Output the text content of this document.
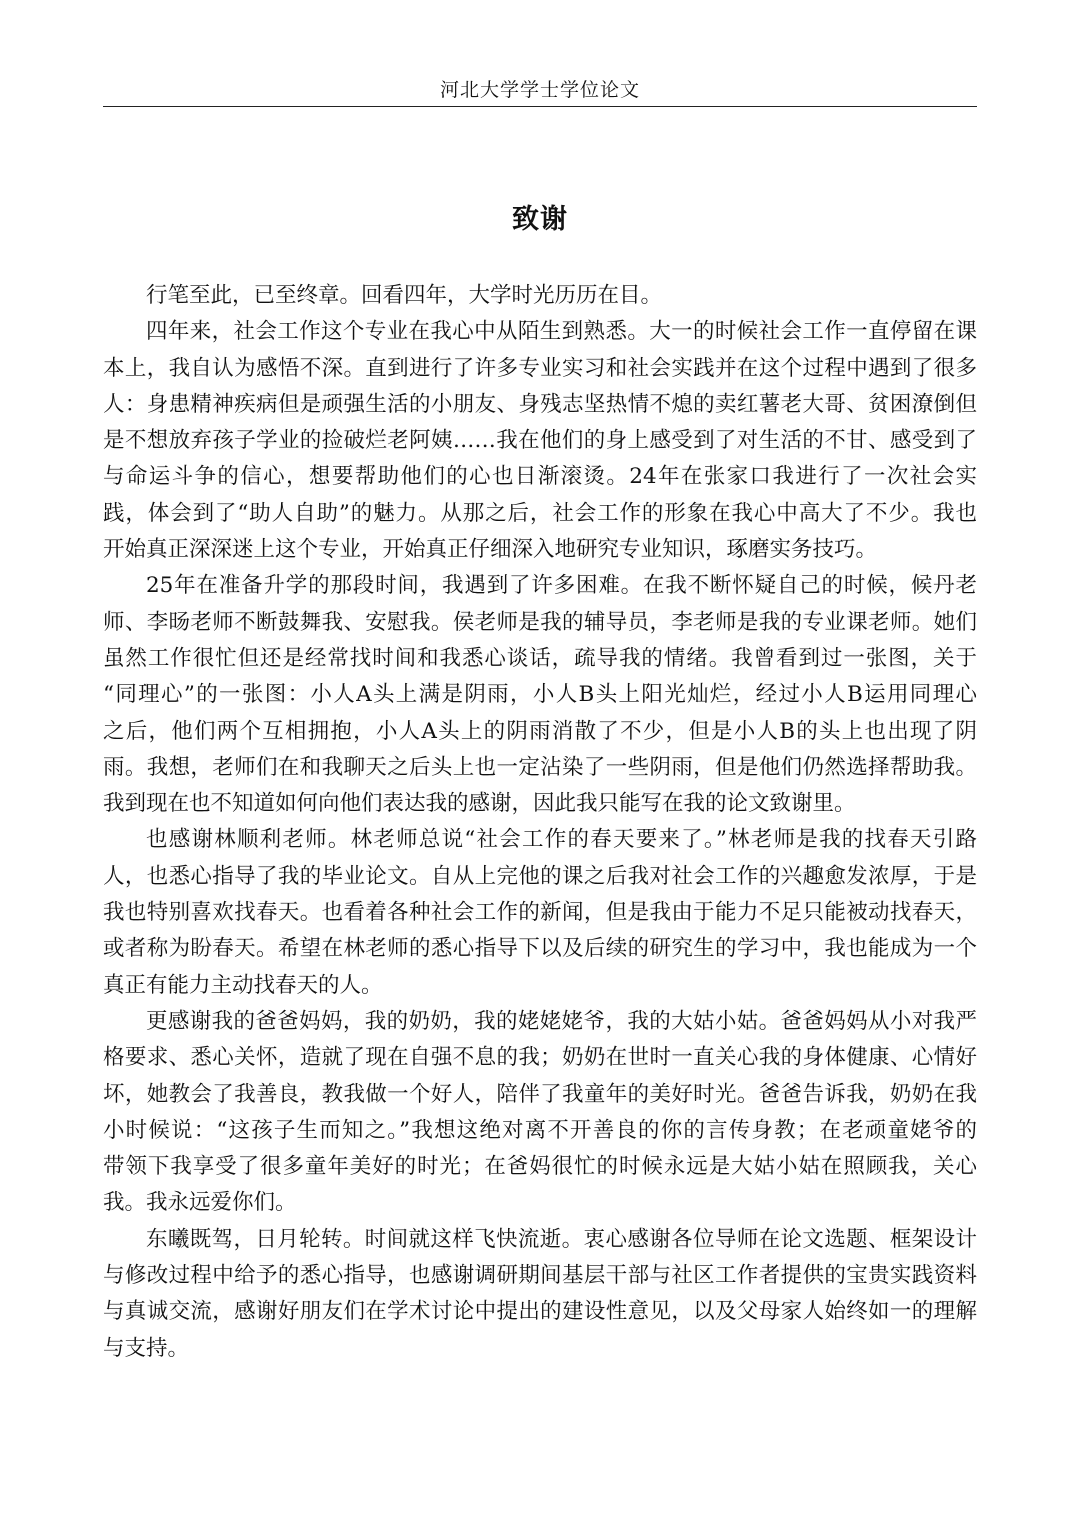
河北大学学士学位论文
致谢

行笔至此，已至终章。回看四年，大学时光历历在目。

四年来，社会工作这个专业在我心中从陌生到熟悉。大一的时候社会工作一直停留在课
本上，我自认为感悟不深。直到进行了许多专业实习和社会实践并在这个过程中遇到了很多
人：身患精神疾病但是顽强生活的小朋友、身残志坚热情不熄的卖红薯老大哥、贫困潦倒但
是不想放弃孩子学业的捡破烂老阿姨……我在他们的身上感受到了对生活的不甘、感受到了
与命运斗争的信心，想要帮助他们的心也日渐滚烫。24年在张家口我进行了一次社会实
践，体会到了“助人自助”的魅力。从那之后，社会工作的形象在我心中高大了不少。我也
开始真正深深迷上这个专业，开始真正仔细深入地研究专业知识，琢磨实务技巧。

25年在准备升学的那段时间，我遇到了许多困难。在我不断怀疑自己的时候，候丹老
师、李旸老师不断鼓舞我、安慰我。侯老师是我的辅导员，李老师是我的专业课老师。她们
虽然工作很忙但还是经常找时间和我悉心谈话，疏导我的情绪。我曾看到过一张图，关于
“同理心”的一张图：小人A头上满是阴雨，小人B头上阳光灿烂，经过小人B运用同理心
之后，他们两个互相拥抱，小人A头上的阴雨消散了不少，但是小人B的头上也出现了阴
雨。我想，老师们在和我聊天之后头上也一定沾染了一些阴雨，但是他们仍然选择帮助我。
我到现在也不知道如何向他们表达我的感谢，因此我只能写在我的论文致谢里。

也感谢林顺利老师。林老师总说“社会工作的春天要来了。”林老师是我的找春天引路
人，也悉心指导了我的毕业论文。自从上完他的课之后我对社会工作的兴趣愈发浓厚，于是
我也特别喜欢找春天。也看着各种社会工作的新闻，但是我由于能力不足只能被动找春天，
或者称为盼春天。希望在林老师的悉心指导下以及后续的研究生的学习中，我也能成为一个
真正有能力主动找春天的人。

更感谢我的爸爸妈妈，我的奶奶，我的姥姥姥爷，我的大姑小姑。爸爸妈妈从小对我严
格要求、悉心关怀，造就了现在自强不息的我；奶奶在世时一直关心我的身体健康、心情好
坏，她教会了我善良，教我做一个好人，陪伴了我童年的美好时光。爸爸告诉我，奶奶在我
小时候说：“这孩子生而知之。”我想这绝对离不开善良的你的言传身教；在老顽童姥爷的
带领下我享受了很多童年美好的时光；在爸妈很忙的时候永远是大姑小姑在照顾我，关心
我。我永远爱你们。

东曦既驾，日月轮转。时间就这样飞快流逝。衷心感谢各位导师在论文选题、框架设计
与修改过程中给予的悉心指导，也感谢调研期间基层干部与社区工作者提供的宝贵实践资料
与真诚交流，感谢好朋友们在学术讨论中提出的建设性意见，以及父母家人始终如一的理解
与支持。
